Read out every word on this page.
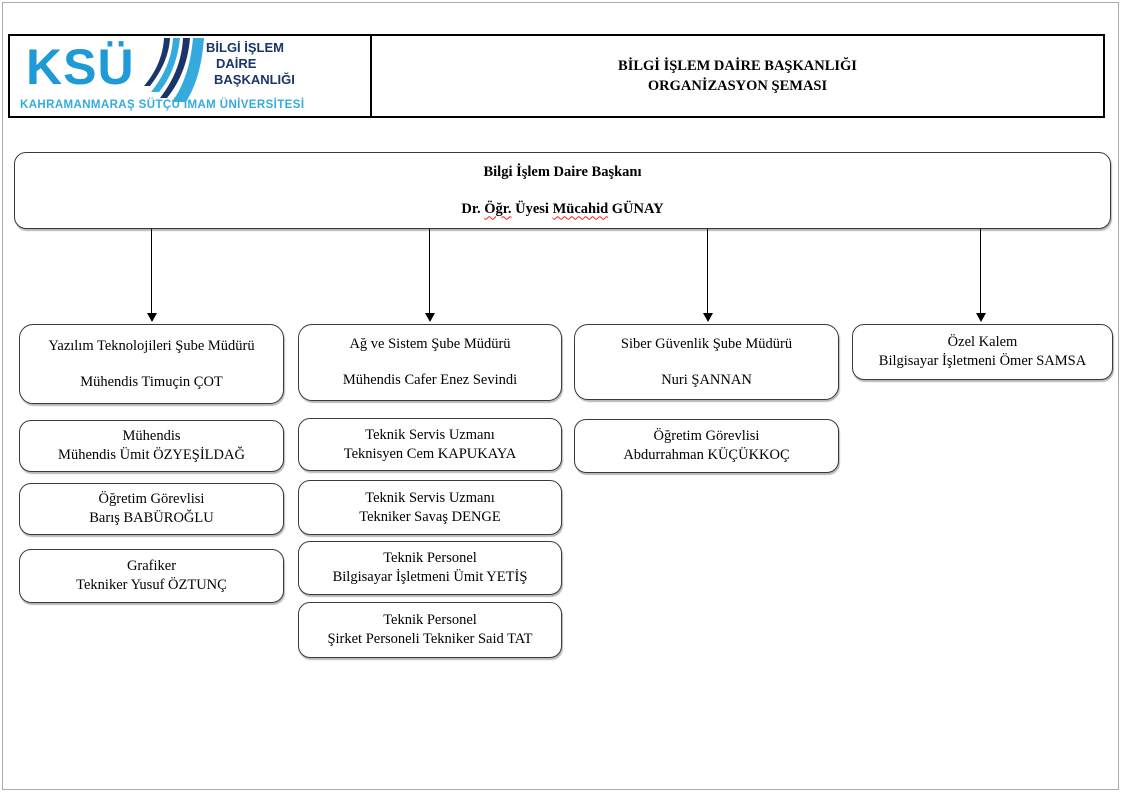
KSÜ	BİLGİ İŞLEM
DAİRE
BAŞKANLIĞI
KAHRAMANMARAŞ SÜTÇÜ İMAM ÜNİVERSİTESİ
BİLGİ İŞLEM DAİRE BAŞKANLIĞI
ORGANİZASYON ŞEMASI
Bilgi İşlem Daire Başkanı
Dr. Öğr. Üyesi Mücahid GÜNAY
Yazılım Teknolojileri Şube Müdürü
Mühendis Timuçin ÇOT
Mühendis
Mühendis Ümit ÖZYEŞİLDAĞ
Öğretim Görevlisi
Barış BABÜROĞLU
Grafiker
Tekniker Yusuf ÖZTUNÇ
Ağ ve Sistem Şube Müdürü
Mühendis Cafer Enez Sevindi
Teknik Servis Uzmanı
Teknisyen Cem KAPUKAYA
Teknik Servis Uzmanı
Tekniker Savaş DENGE
Teknik Personel
Bilgisayar İşletmeni Ümit YETİŞ
Teknik Personel
Şirket Personeli Tekniker Said TAT
Siber Güvenlik Şube Müdürü
Nuri ŞANNAN
Öğretim Görevlisi
Abdurrahman KÜÇÜKKOÇ
Özel Kalem
Bilgisayar İşletmeni Ömer SAMSA
